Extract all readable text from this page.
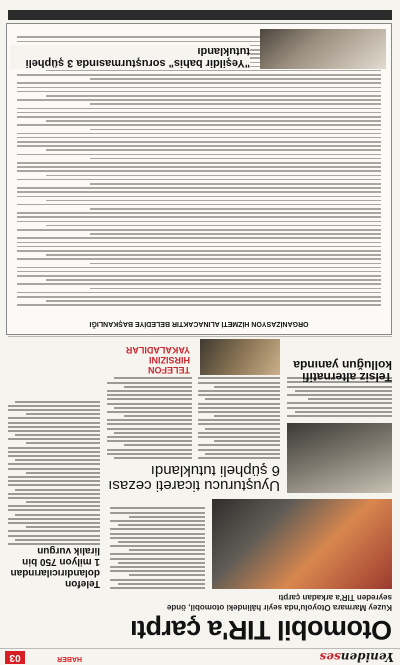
Yenidenses
HABER
03
Otomobil TIR'a çarptı
Kuzey Marmara Otoyolu'nda seyir hâlindeki otomobil, önde seyreden TIR'a arkadan çarptı
Telefon dolandırıcılarından 1 milyon 750 bin liralık vurgun
Uyuşturucu ticareti cezası 6 şüpheli tutuklandı
Telsiz alternatifi kolluğun yanında
TELEFON HIRSIZINI YAKALADILAR
ORGANİZASYON HİZMETİ ALINACAKTIR BELEDİYE BAŞKANLIĞI
"Yeşildir bahis" soruşturmasında 3 şüpheli tutuklandı
